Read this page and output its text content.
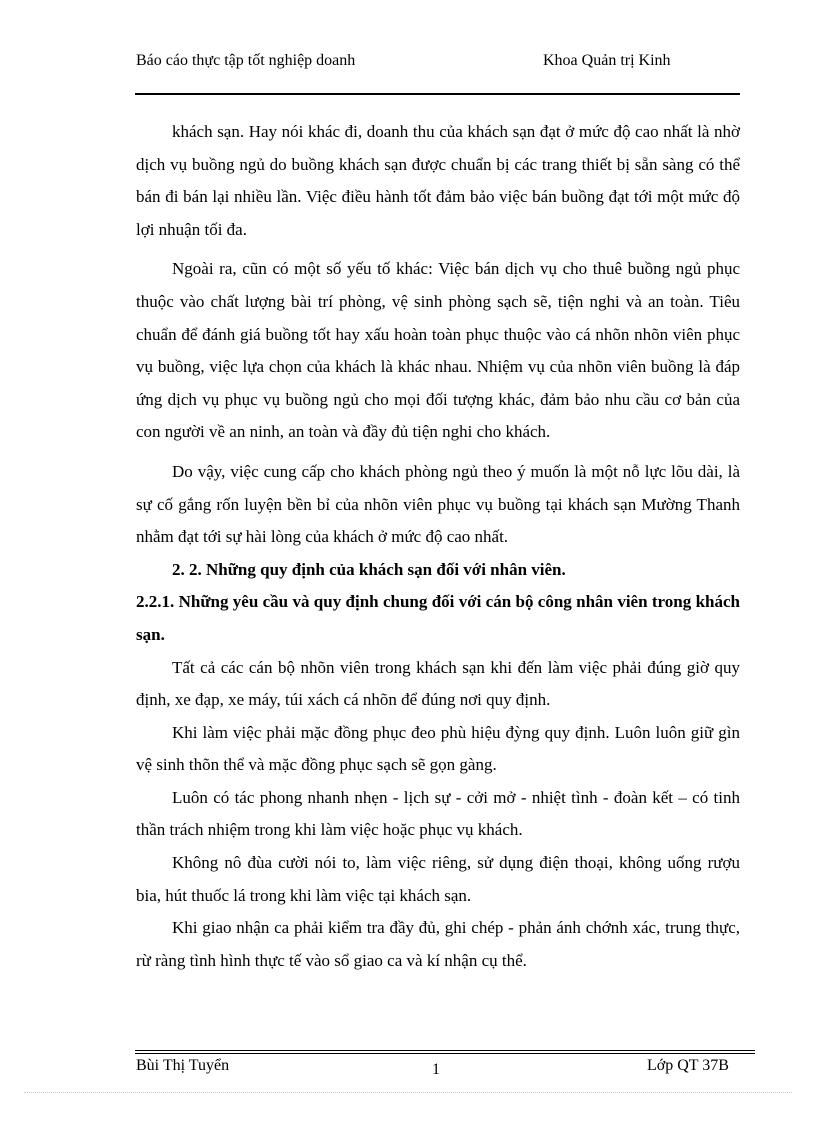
Báo cáo thực tập tốt nghiệp doanh	Khoa Quản trị Kinh

khách sạn. Hay nói khác đi, doanh thu của khách sạn đạt ở mức độ cao nhất là nhờ dịch vụ buồng ngủ do buồng khách sạn được chuẩn bị các trang thiết bị sẵn sàng có thể bán đi bán lại nhiều lần. Việc điều hành tốt đảm bảo việc bán buồng đạt tới một mức độ lợi nhuận tối đa.

Ngoài ra, cũn có một số yếu tố khác: Việc bán dịch vụ cho thuê buồng ngủ phục thuộc vào chất lượng bài trí phòng, vệ sinh phòng sạch sẽ, tiện nghi và an toàn. Tiêu chuẩn để đánh giá buồng tốt hay xấu hoàn toàn phục thuộc vào cá nhõn nhõn viên phục vụ buồng, việc lựa chọn của khách là khác nhau. Nhiệm vụ của nhõn viên buồng là đáp ứng dịch vụ phục vụ buồng ngủ cho mọi đối tượng khác, đảm bảo nhu cầu cơ bản của con người về an ninh, an toàn và đầy đủ tiện nghi cho khách.

Do vậy, việc cung cấp cho khách phòng ngủ theo ý muốn là một nỗ lực lõu dài, là sự cố gắng rốn luyện bền bỉ của nhõn viên phục vụ buồng tại khách sạn Mường Thanh nhằm đạt tới sự hài lòng của khách ở mức độ cao nhất.

2. 2. Những quy định của khách sạn đối với nhân viên.

2.2.1. Những yêu cầu và quy định chung đối với cán bộ công nhân viên trong khách sạn.

Tất cả các cán bộ nhõn viên trong khách sạn khi đến làm việc phải đúng giờ quy định, xe đạp, xe máy, túi xách cá nhõn để đúng nơi quy định.

Khi làm việc phải mặc đồng phục đeo phù hiệu đỳng quy định. Luôn luôn giữ gìn vệ sinh thõn thể và mặc đồng phục sạch sẽ gọn gàng.

Luôn có tác phong nhanh nhẹn - lịch sự - cởi mở - nhiệt tình - đoàn kết – có tinh thần trách nhiệm trong khi làm việc hoặc phục vụ khách.

Không nô đùa cười nói to, làm việc riêng, sử dụng điện thoại, không uống rượu bia, hút thuốc lá trong khi làm việc tại khách sạn.

Khi giao nhận ca phải kiểm tra đầy đủ, ghi chép - phản ánh chớnh xác, trung thực, rừ ràng tình hình thực tế vào sổ giao ca và kí nhận cụ thể.

Bùi Thị Tuyển	1	Lớp QT 37B
